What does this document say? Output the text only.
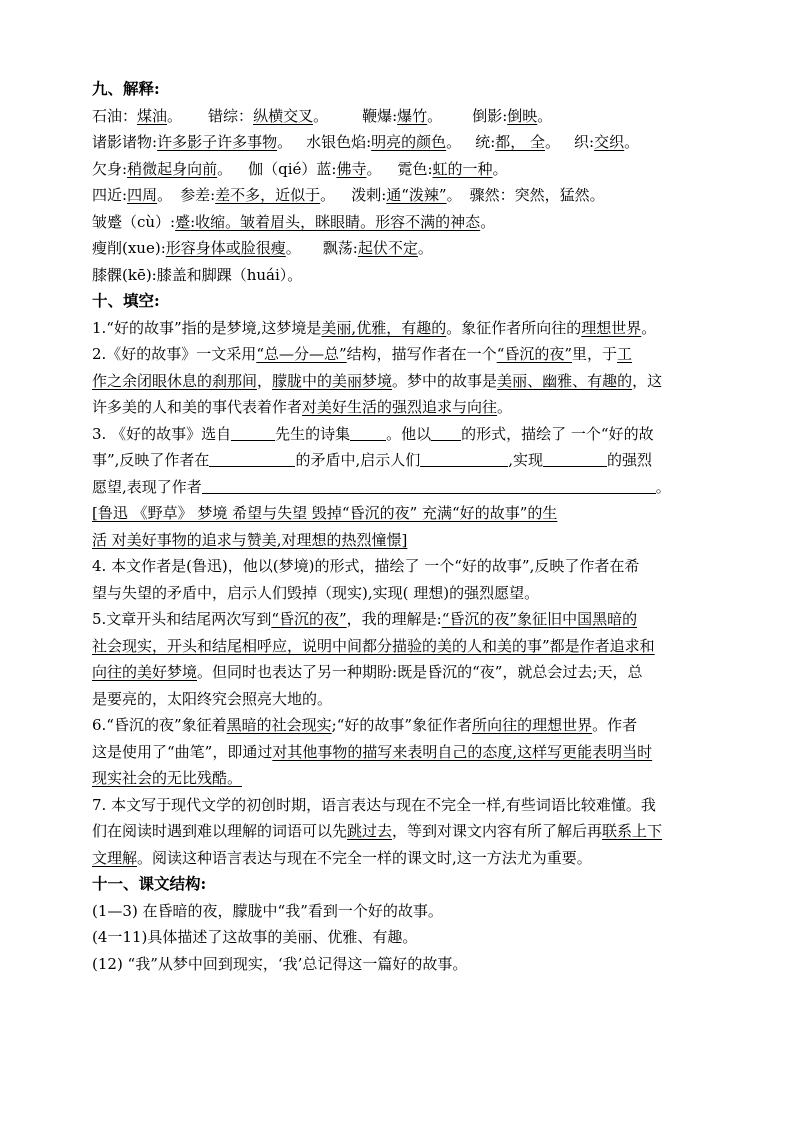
九、解释:
石油：煤油。 错综：纵横交叉。 鞭爆:爆竹。 倒影:倒映。
诸影诸物:许多影子许多事物。 水银色焰:明亮的颜色。 统:都， 全。 织:交织。
欠身:稍微起身向前。 伽（qié）蓝:佛寺。 霓色:虹的一种。
四近:四周。 参差:差不多，近似于。 泼剌:通“泼辣”。 骤然：突然，猛然。
皱蹙（cù）:蹙:收缩。皱着眉头，眯眼睛。形容不满的神态。
瘦削(xue):形容身体或脸很瘦。 飘荡:起伏不定。
膝髁(kē):膝盖和脚踝（huái）。
十、填空:
1.“好的故事”指的是梦境,这梦境是美丽,优雅，有趣的。象征作者所向往的理想世界。
2.《好的故事》一文采用“总—分—总”结构，描写作者在一个“昏沉的夜”里，于工
作之余闭眼休息的刹那间，朦胧中的美丽梦境。梦中的故事是美丽、幽雅、有趣的，这
许多美的人和美的事代表着作者对美好生活的强烈追求与向往。
3. 《好的故事》选自	先生的诗集 。他以 的形式，描绘了 一个“好的故
事”,反映了作者在	的矛盾中,启示人们	,实现	的强烈
愿望,表现了作者	。
[鲁迅 《野草》 梦境 希望与失望 毁掉“昏沉的夜” 充满“好的故事”的生
活 对美好事物的追求与赞美,对理想的热烈憧憬]
4. 本文作者是(鲁迅)，他以(梦境)的形式，描绘了 一个“好的故事”,反映了作者在希
望与失望的矛盾中，启示人们毁掉（现实),实现( 理想)的强烈愿望。
5.文章开头和结尾两次写到“昏沉的夜”，我的理解是:“昏沉的夜”象征旧中国黑暗的
社会现实，开头和结尾相呼应，说明中间都分描验的美的人和美的事”都是作者追求和
向往的美好梦境。但同时也表达了另一种期盼:既是昏沉的“夜”，就总会过去;天，总
是要亮的，太阳终究会照亮大地的。
6.“昏沉的夜”象征着黑暗的社会现实;“好的故事”象征作者所向往的理想世界。作者
这是使用了“曲笔”，即通过对其他事物的描写来表明自己的态度,这样写更能表明当时
现实社会的无比残酷。
7. 本文写于现代文学的初创时期，语言表达与现在不完全一样,有些词语比较难懂。我
们在阅读时遇到难以理解的词语可以先跳过去，等到对课文内容有所了解后再联系上下
文理解。阅读这种语言表达与现在不完全一样的课文时,这一方法尤为重要。
十一、课文结构:
(1—3) 在昏暗的夜，朦胧中“我”看到一个好的故事。
(4一11)具体描述了这故事的美丽、优雅、有趣。
(12) “我”从梦中回到现实，‘我’总记得这一篇好的故事。
